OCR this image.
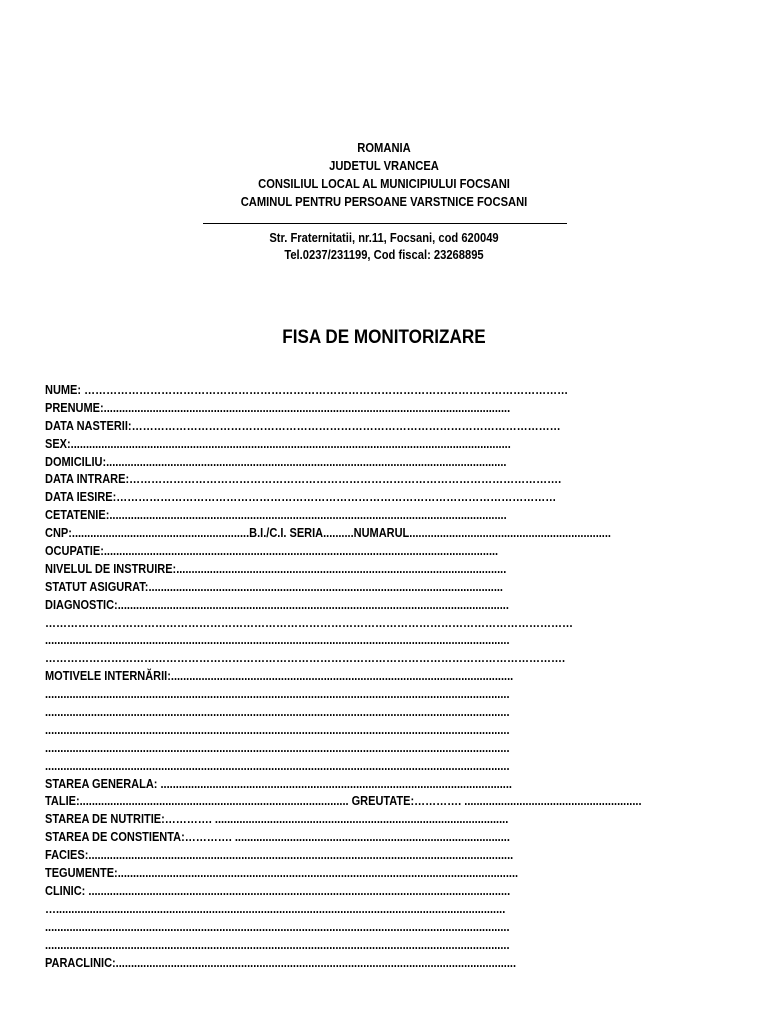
ROMANIA
JUDETUL VRANCEA
CONSILIUL LOCAL AL MUNICIPIULUI FOCSANI
CAMINUL PENTRU PERSOANE VARSTNICE FOCSANI
Str. Fraternitatii, nr.11, Focsani, cod 620049
Tel.0237/231199, Cod fiscal: 23268895
FISA DE MONITORIZARE
NUME: ……………………………………………………………………………………………………………………
PRENUME:.....................................................................................................................................
DATA NASTERII:………………………………………………………………………………………………………
SEX:................................................................................................................................................
DOMICILIU:...................................................................................................................................
DATA INTRARE:……………………………………………………………………………………………………….
DATA IESIRE:…………………………………………………………………………………………………………
CETATENIE:..................................................................................................................................
CNP:..........................................................B.I./C.I. SERIA..........NUMARUL..................................................................
OCUPATIE:.................................................................................................................................
NIVELUL DE INSTRUIRE:............................................................................................................
STATUT ASIGURAT:....................................................................................................................
DIAGNOSTIC:................................................................................................................................
………………………………………………………………………………………………………………………………
........................................................................................................................................................
…………………………………………………………………………………………………………………………….
MOTIVELE INTERNĂRII:................................................................................................................
........................................................................................................................................................
........................................................................................................................................................
........................................................................................................................................................
........................................................................................................................................................
........................................................................................................................................................
STAREA GENERALA: ...................................................................................................................
TALIE:........................................................................................ GREUTATE:…………. ..........................................................
STAREA DE NUTRITIE:…………. ................................................................................................
STAREA DE CONSTIENTA:…………. ..........................................................................................
FACIES:...........................................................................................................................................
TEGUMENTE:...................................................................................................................................
CLINIC: ..........................................................................................................................................
…...................................................................................................................................................
........................................................................................................................................................
........................................................................................................................................................
PARACLINIC:...................................................................................................................................
